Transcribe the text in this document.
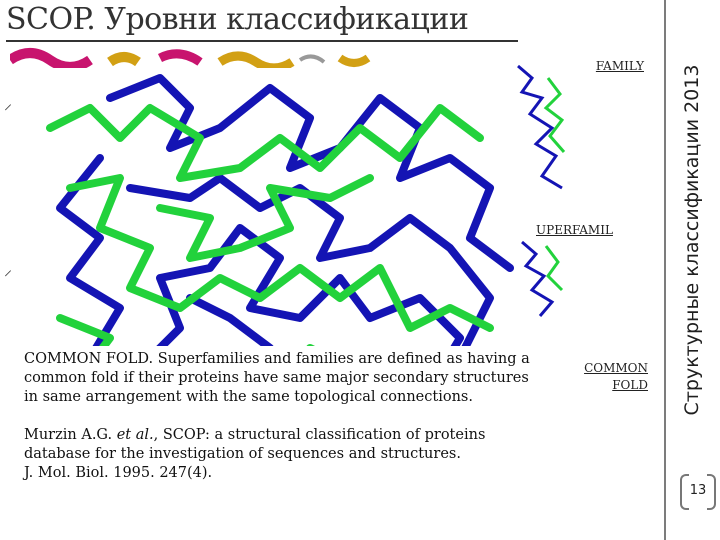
SCOP. Уровни классификации
⸝
⸝
FAMILY
UPERFAMIL
COMMON
FOLD

COMMON FOLD. Superfamilies and families are defined as having a common fold if their proteins have same major secondary structures in same arrangement with the same topological connections.

Murzin A.G. et al., SCOP: a structural classification of proteins database for the investigation of sequences and structures.

J. Mol. Biol. 1995. 247(4).

Структурные классификации 2013
13
